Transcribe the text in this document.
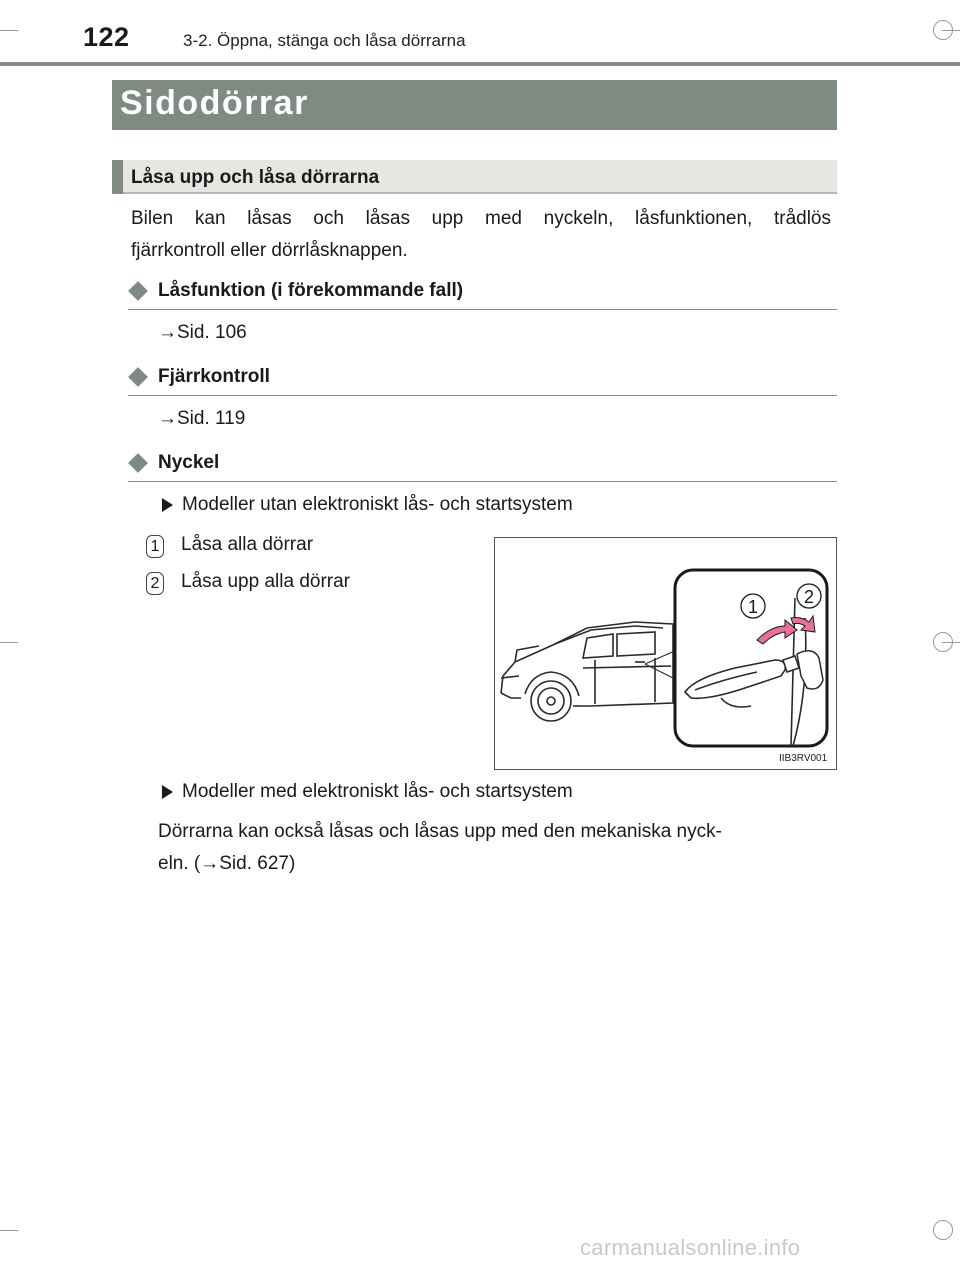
122	3-2. Öppna, stänga och låsa dörrarna
Sidodörrar
Låsa upp och låsa dörrarna
Bilen kan låsas och låsas upp med nyckeln, låsfunktionen, trådlös
fjärrkontroll eller dörrlåsknappen.
Låsfunktion (i förekommande fall)
→Sid. 106
Fjärrkontroll
→Sid. 119
Nyckel
Modeller utan elektroniskt lås- och startsystem
1 Låsa alla dörrar
2 Låsa upp alla dörrar
1	2
IIB3RV001
Modeller med elektroniskt lås- och startsystem
Dörrarna kan också låsas och låsas upp med den mekaniska nyck-
eln. (→Sid. 627)
carmanualsonline.info
